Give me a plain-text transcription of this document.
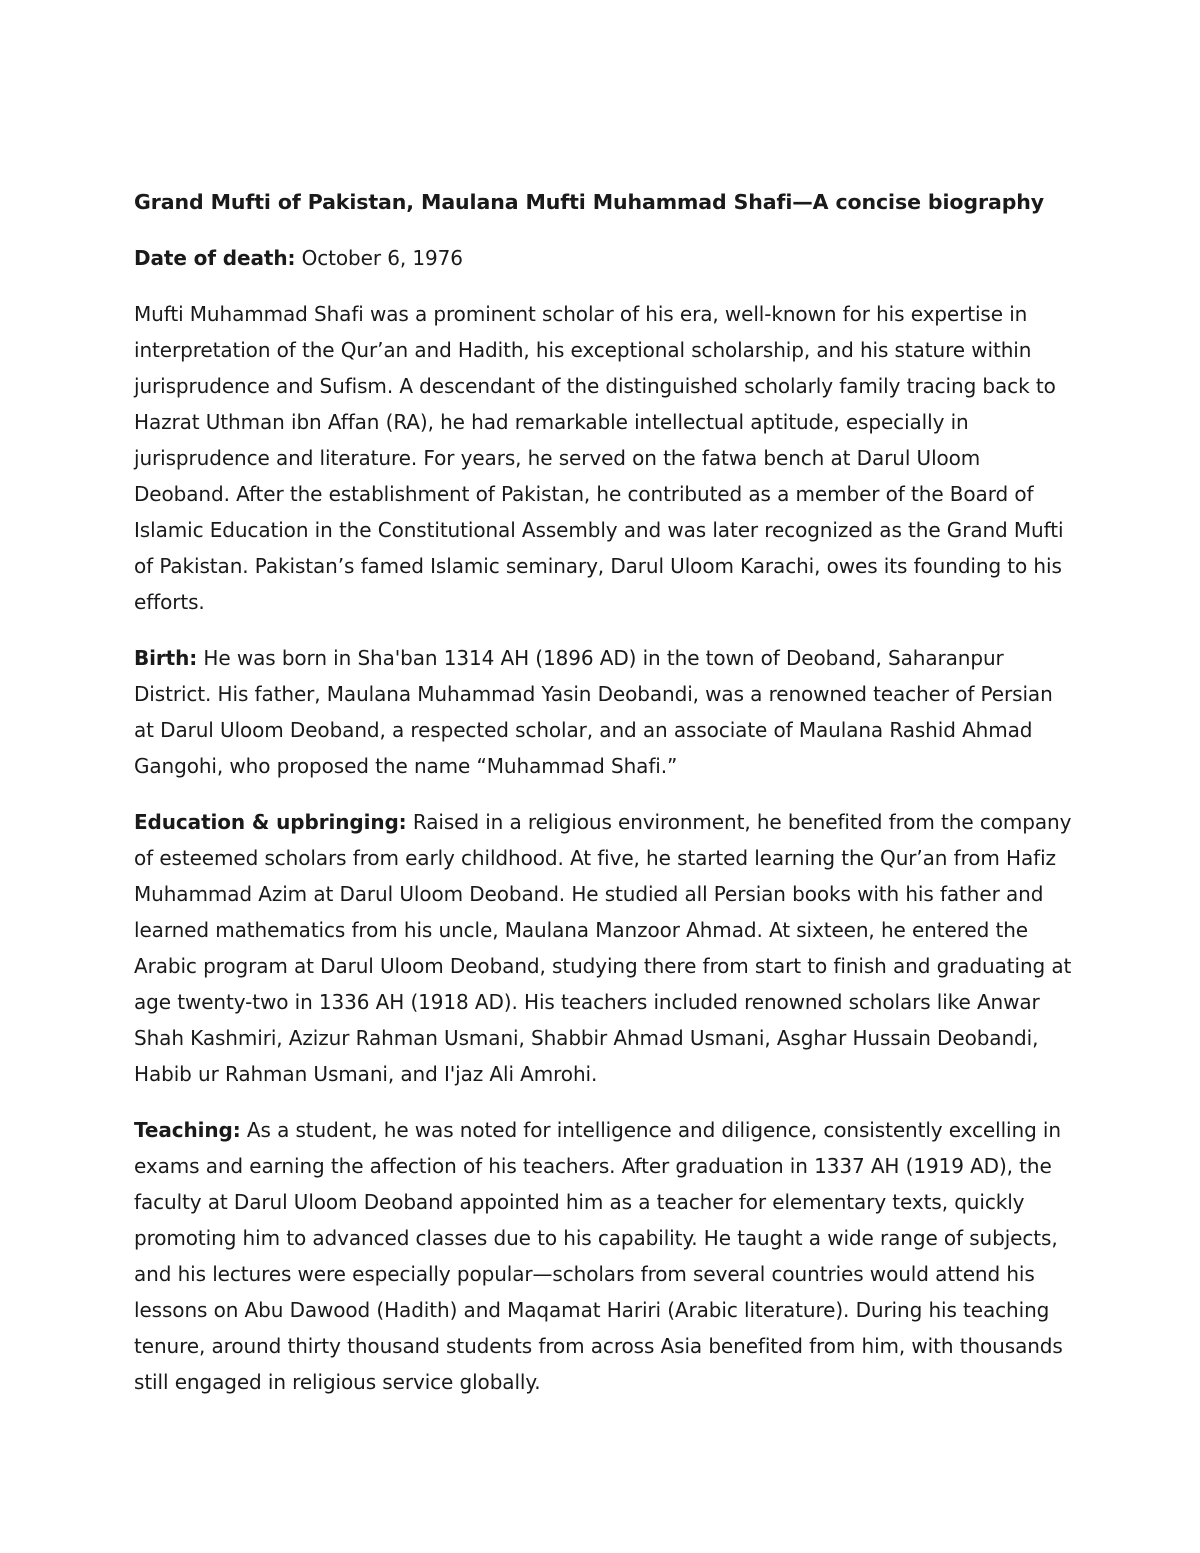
Grand Mufti of Pakistan, Maulana Mufti Muhammad Shafi—A concise biography

Date of death: October 6, 1976

Mufti Muhammad Shafi was a prominent scholar of his era, well-known for his expertise in interpretation of the Qur’an and Hadith, his exceptional scholarship, and his stature within jurisprudence and Sufism. A descendant of the distinguished scholarly family tracing back to Hazrat Uthman ibn Affan (RA), he had remarkable intellectual aptitude, especially in jurisprudence and literature. For years, he served on the fatwa bench at Darul Uloom Deoband. After the establishment of Pakistan, he contributed as a member of the Board of Islamic Education in the Constitutional Assembly and was later recognized as the Grand Mufti of Pakistan. Pakistan’s famed Islamic seminary, Darul Uloom Karachi, owes its founding to his efforts.

Birth: He was born in Sha'ban 1314 AH (1896 AD) in the town of Deoband, Saharanpur District. His father, Maulana Muhammad Yasin Deobandi, was a renowned teacher of Persian at Darul Uloom Deoband, a respected scholar, and an associate of Maulana Rashid Ahmad Gangohi, who proposed the name “Muhammad Shafi.”

Education & upbringing: Raised in a religious environment, he benefited from the company of esteemed scholars from early childhood. At five, he started learning the Qur’an from Hafiz Muhammad Azim at Darul Uloom Deoband. He studied all Persian books with his father and learned mathematics from his uncle, Maulana Manzoor Ahmad. At sixteen, he entered the Arabic program at Darul Uloom Deoband, studying there from start to finish and graduating at age twenty-two in 1336 AH (1918 AD). His teachers included renowned scholars like Anwar Shah Kashmiri, Azizur Rahman Usmani, Shabbir Ahmad Usmani, Asghar Hussain Deobandi, Habib ur Rahman Usmani, and I'jaz Ali Amrohi.

Teaching: As a student, he was noted for intelligence and diligence, consistently excelling in exams and earning the affection of his teachers. After graduation in 1337 AH (1919 AD), the faculty at Darul Uloom Deoband appointed him as a teacher for elementary texts, quickly promoting him to advanced classes due to his capability. He taught a wide range of subjects, and his lectures were especially popular—scholars from several countries would attend his lessons on Abu Dawood (Hadith) and Maqamat Hariri (Arabic literature). During his teaching tenure, around thirty thousand students from across Asia benefited from him, with thousands still engaged in religious service globally.
